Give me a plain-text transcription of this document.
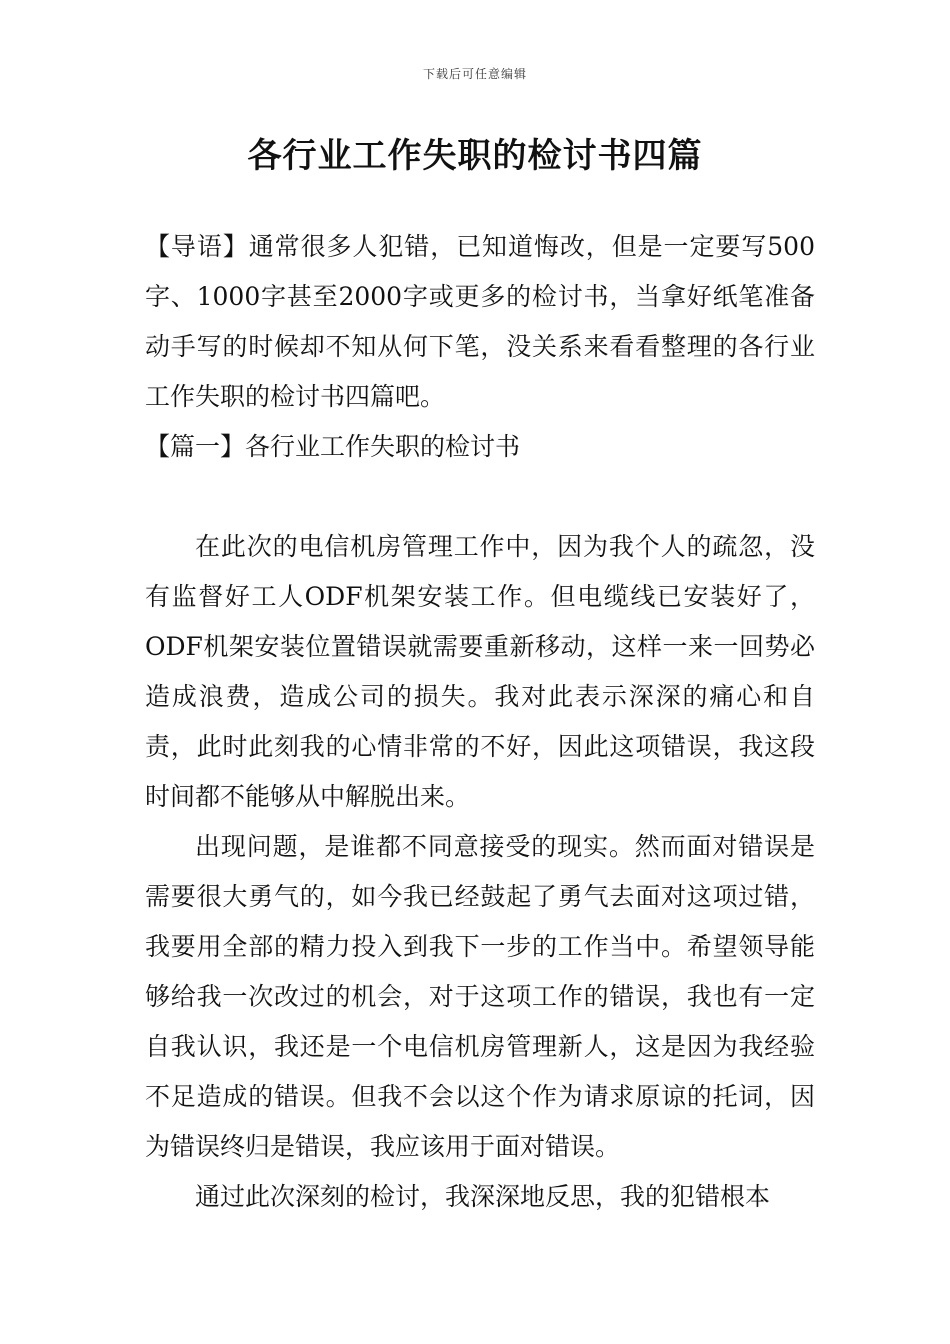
下载后可任意编辑
各行业工作失职的检讨书四篇

【导语】通常很多人犯错，已知道悔改，但是一定要写500字、1000字甚至2000字或更多的检讨书，当拿好纸笔准备动手写的时候却不知从何下笔，没关系来看看整理的各行业工作失职的检讨书四篇吧。

【篇一】各行业工作失职的检讨书

在此次的电信机房管理工作中，因为我个人的疏忽，没有监督好工人ODF机架安装工作。但电缆线已安装好了，ODF机架安装位置错误就需要重新移动，这样一来一回势必造成浪费，造成公司的损失。我对此表示深深的痛心和自责，此时此刻我的心情非常的不好，因此这项错误，我这段时间都不能够从中解脱出来。

出现问题，是谁都不同意接受的现实。然而面对错误是需要很大勇气的，如今我已经鼓起了勇气去面对这项过错，我要用全部的精力投入到我下一步的工作当中。希望领导能够给我一次改过的机会，对于这项工作的错误，我也有一定自我认识，我还是一个电信机房管理新人，这是因为我经验不足造成的错误。但我不会以这个作为请求原谅的托词，因为错误终归是错误，我应该用于面对错误。

通过此次深刻的检讨，我深深地反思，我的犯错根本
